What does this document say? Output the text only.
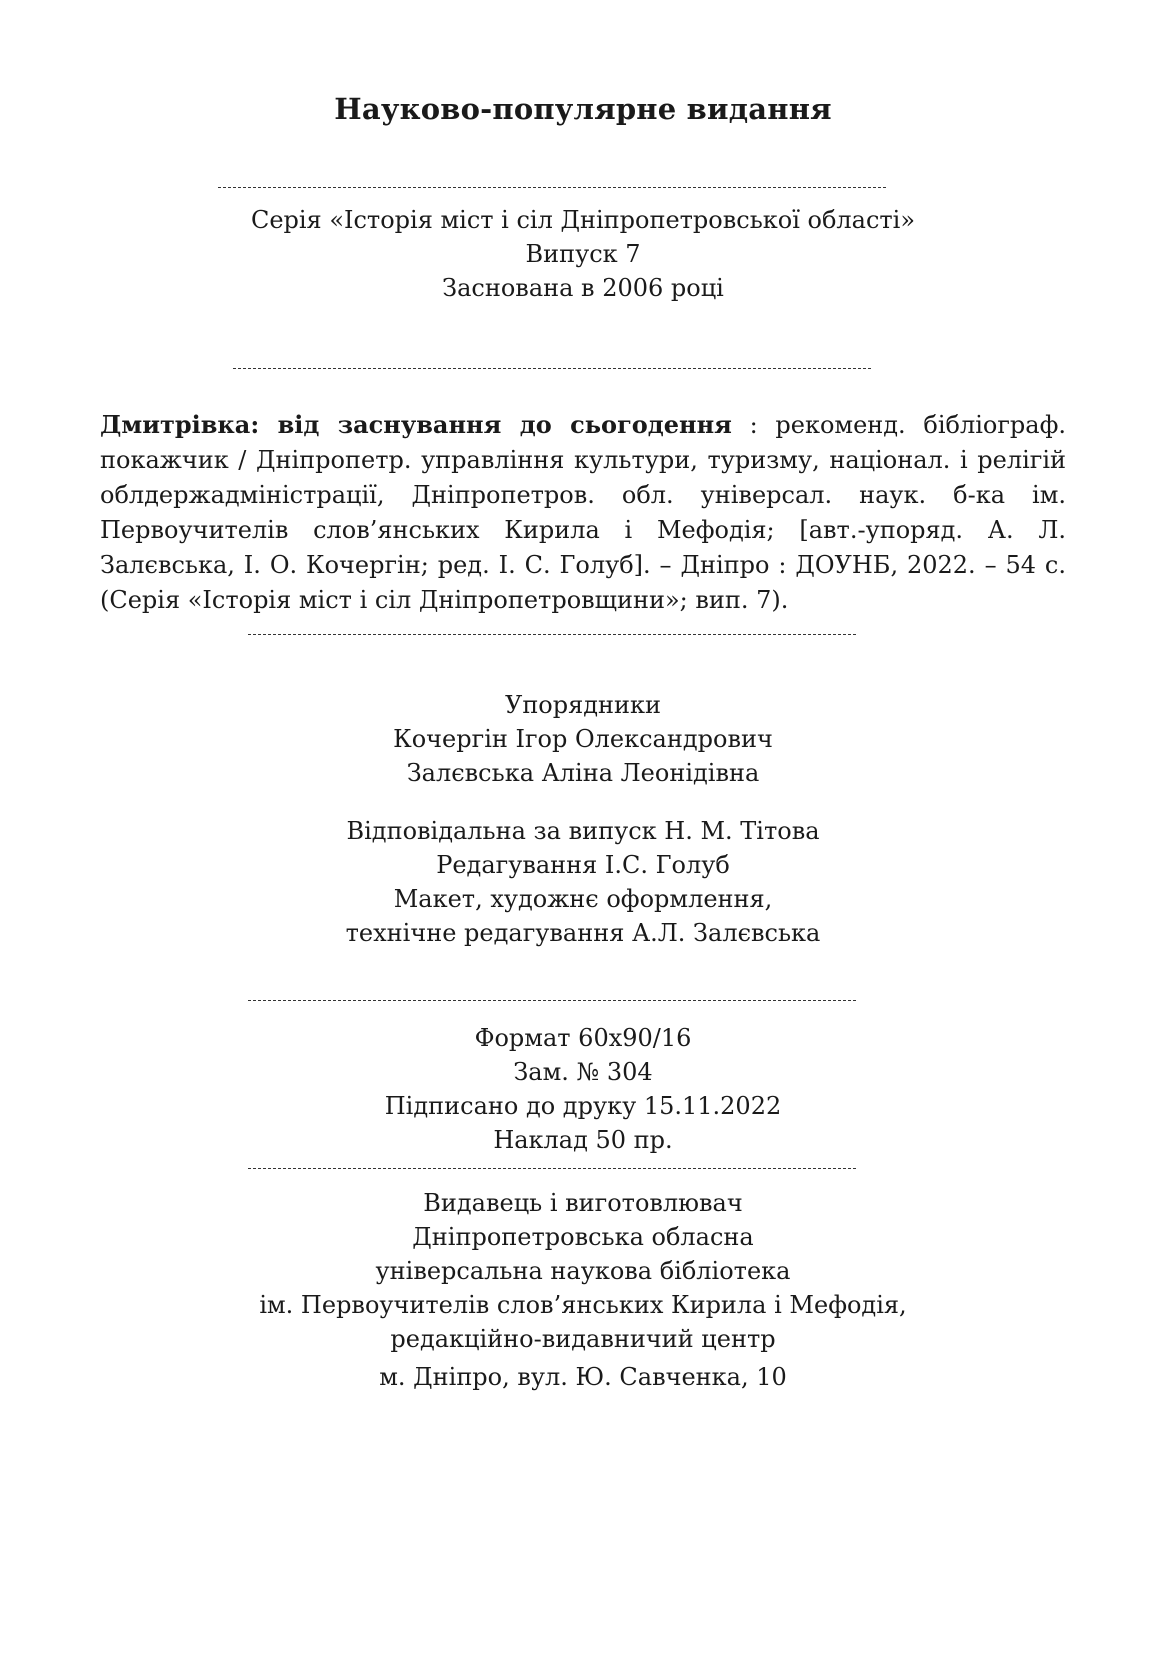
Науково-популярне видання
Серія «Історія міст і сіл Дніпропетровської області»
Випуск 7
Заснована в 2006 році
Дмитрівка: від заснування до сьогодення : рекоменд. бібліограф. покажчик / Дніпропетр. управління культури, туризму, націонал. і релігій облдержадміністрації, Дніпропетров. обл. універсал. наук. б-ка ім. Первоучителів слов’янських Кирила і Мефодія; [авт.-упоряд. А. Л. Залєвська, І. О. Кочергін; ред. І. С. Голуб]. – Дніпро : ДОУНБ, 2022. – 54 с. (Серія «Історія міст і сіл Дніпропетровщини»; вип. 7).
Упорядники
Кочергін Ігор Олександрович
Залєвська Аліна Леонідівна
Відповідальна за випуск Н. М. Тітова
Редагування І.С. Голуб
Макет, художнє оформлення,
технічне редагування А.Л. Залєвська
Формат 60х90/16
Зам. № 304
Підписано до друку 15.11.2022
Наклад 50 пр.
Видавець і виготовлювач
Дніпропетровська обласна
універсальна наукова бібліотека
ім. Первоучителів слов’янських Кирила і Мефодія,
редакційно-видавничий центр
м. Дніпро, вул. Ю. Савченка, 10
